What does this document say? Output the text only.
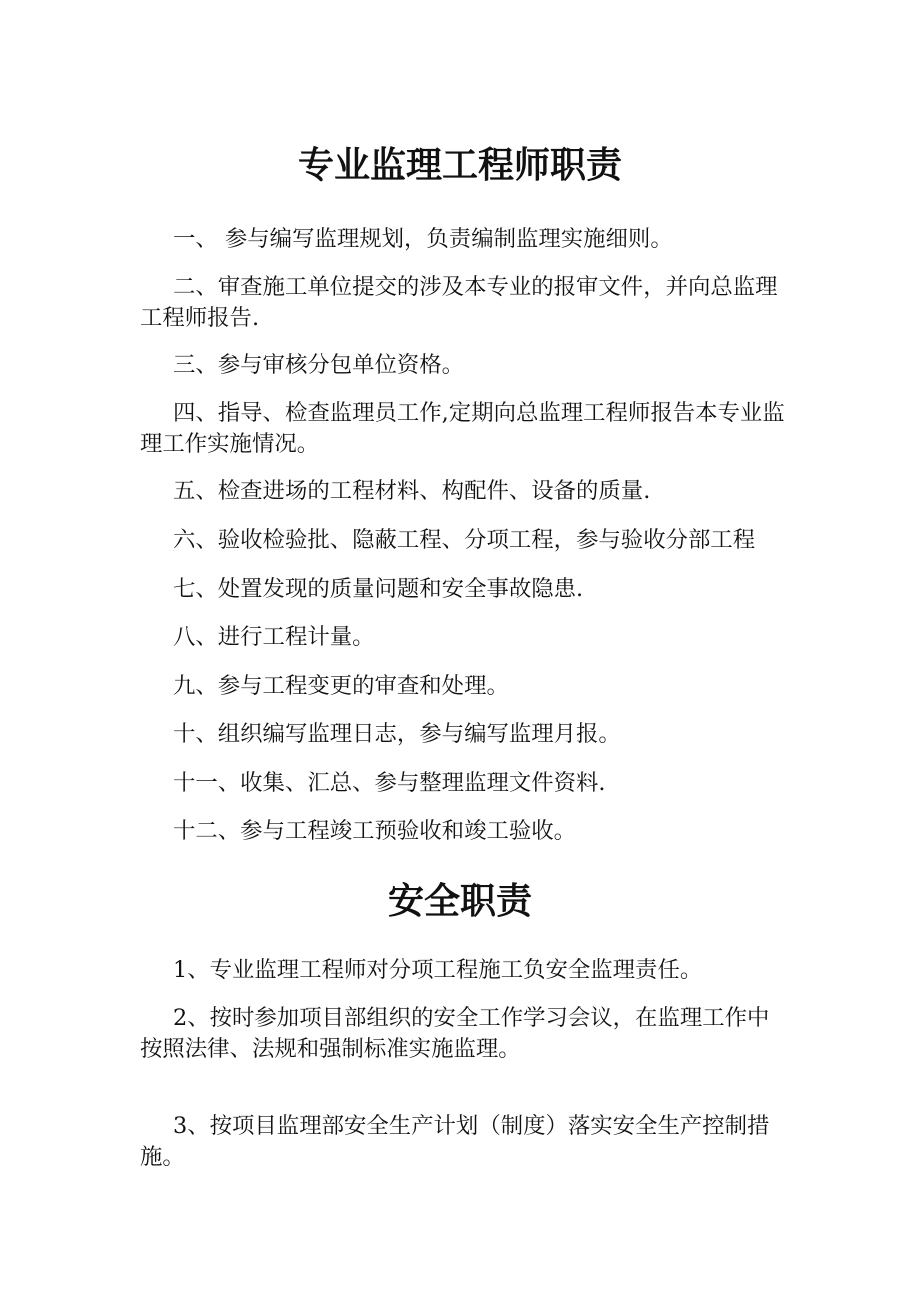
专业监理工程师职责

一、 参与编写监理规划，负责编制监理实施细则。

二、审查施工单位提交的涉及本专业的报审文件，并向总监理工程师报告.

三、参与审核分包单位资格。

四、指导、检查监理员工作,定期向总监理工程师报告本专业监理工作实施情况。

五、检查进场的工程材料、构配件、设备的质量.

六、验收检验批、隐蔽工程、分项工程，参与验收分部工程

七、处置发现的质量问题和安全事故隐患.

八、进行工程计量。

九、参与工程变更的审查和处理。

十、组织编写监理日志，参与编写监理月报。

十一、收集、汇总、参与整理监理文件资料.

十二、参与工程竣工预验收和竣工验收。

安全职责

1、专业监理工程师对分项工程施工负安全监理责任。

2、按时参加项目部组织的安全工作学习会议，在监理工作中按照法律、法规和强制标准实施监理。

3、按项目监理部安全生产计划（制度）落实安全生产控制措施。
